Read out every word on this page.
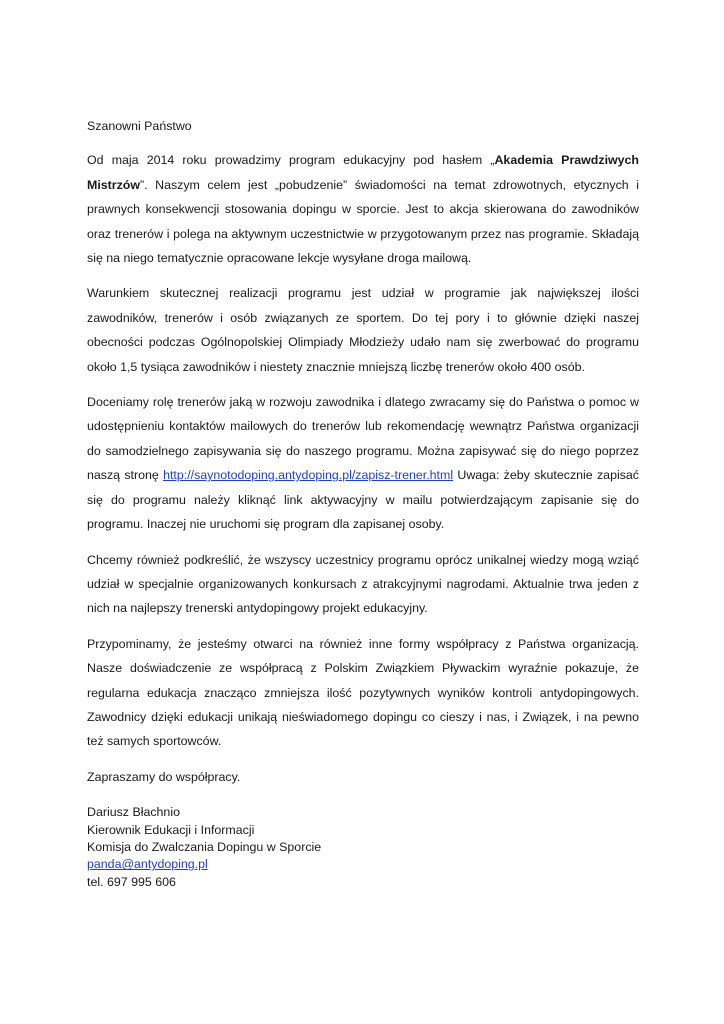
Szanowni Państwo

Od maja 2014 roku prowadzimy program edukacyjny pod hasłem „Akademia Prawdziwych Mistrzów”. Naszym celem jest „pobudzenie” świadomości na temat zdrowotnych, etycznych i prawnych konsekwencji stosowania dopingu w sporcie. Jest to akcja skierowana do zawodników oraz trenerów i polega na aktywnym uczestnictwie w przygotowanym przez nas programie. Składają się na niego tematycznie opracowane lekcje wysyłane droga mailową.

Warunkiem skutecznej realizacji programu jest udział w programie jak największej ilości zawodników, trenerów i osób związanych ze sportem. Do tej pory i to głównie dzięki naszej obecności podczas Ogólnopolskiej Olimpiady Młodzieży udało nam się zwerbować do programu około 1,5 tysiąca zawodników i niestety znacznie mniejszą liczbę trenerów około 400 osób.

Doceniamy rolę trenerów jaką w rozwoju zawodnika i dlatego zwracamy się do Państwa o pomoc w udostępnieniu kontaktów mailowych do trenerów lub rekomendację wewnątrz Państwa organizacji do samodzielnego zapisywania się do naszego programu. Można zapisywać się do niego poprzez naszą stronę http://saynotodoping.antydoping.pl/zapisz-trener.html Uwaga: żeby skutecznie zapisać się do programu należy kliknąć link aktywacyjny w mailu potwierdzającym zapisanie się do programu. Inaczej nie uruchomi się program dla zapisanej osoby.

Chcemy również podkreślić, że wszyscy uczestnicy programu oprócz unikalnej wiedzy mogą wziąć udział w specjalnie organizowanych konkursach z atrakcyjnymi nagrodami. Aktualnie trwa jeden z nich na najlepszy trenerski antydopingowy projekt edukacyjny.

Przypominamy, że jesteśmy otwarci na również inne formy współpracy z Państwa organizacją. Nasze doświadczenie ze współpracą z Polskim Związkiem Pływackim wyraźnie pokazuje, że regularna edukacja znacząco zmniejsza ilość pozytywnych wyników kontroli antydopingowych. Zawodnicy dzięki edukacji unikają nieświadomego dopingu co cieszy i nas, i Związek, i na pewno też samych sportowców.

Zapraszamy do współpracy.

Dariusz Błachnio
Kierownik Edukacji i Informacji
Komisja do Zwalczania Dopingu w Sporcie
panda@antydoping.pl
tel. 697 995 606
